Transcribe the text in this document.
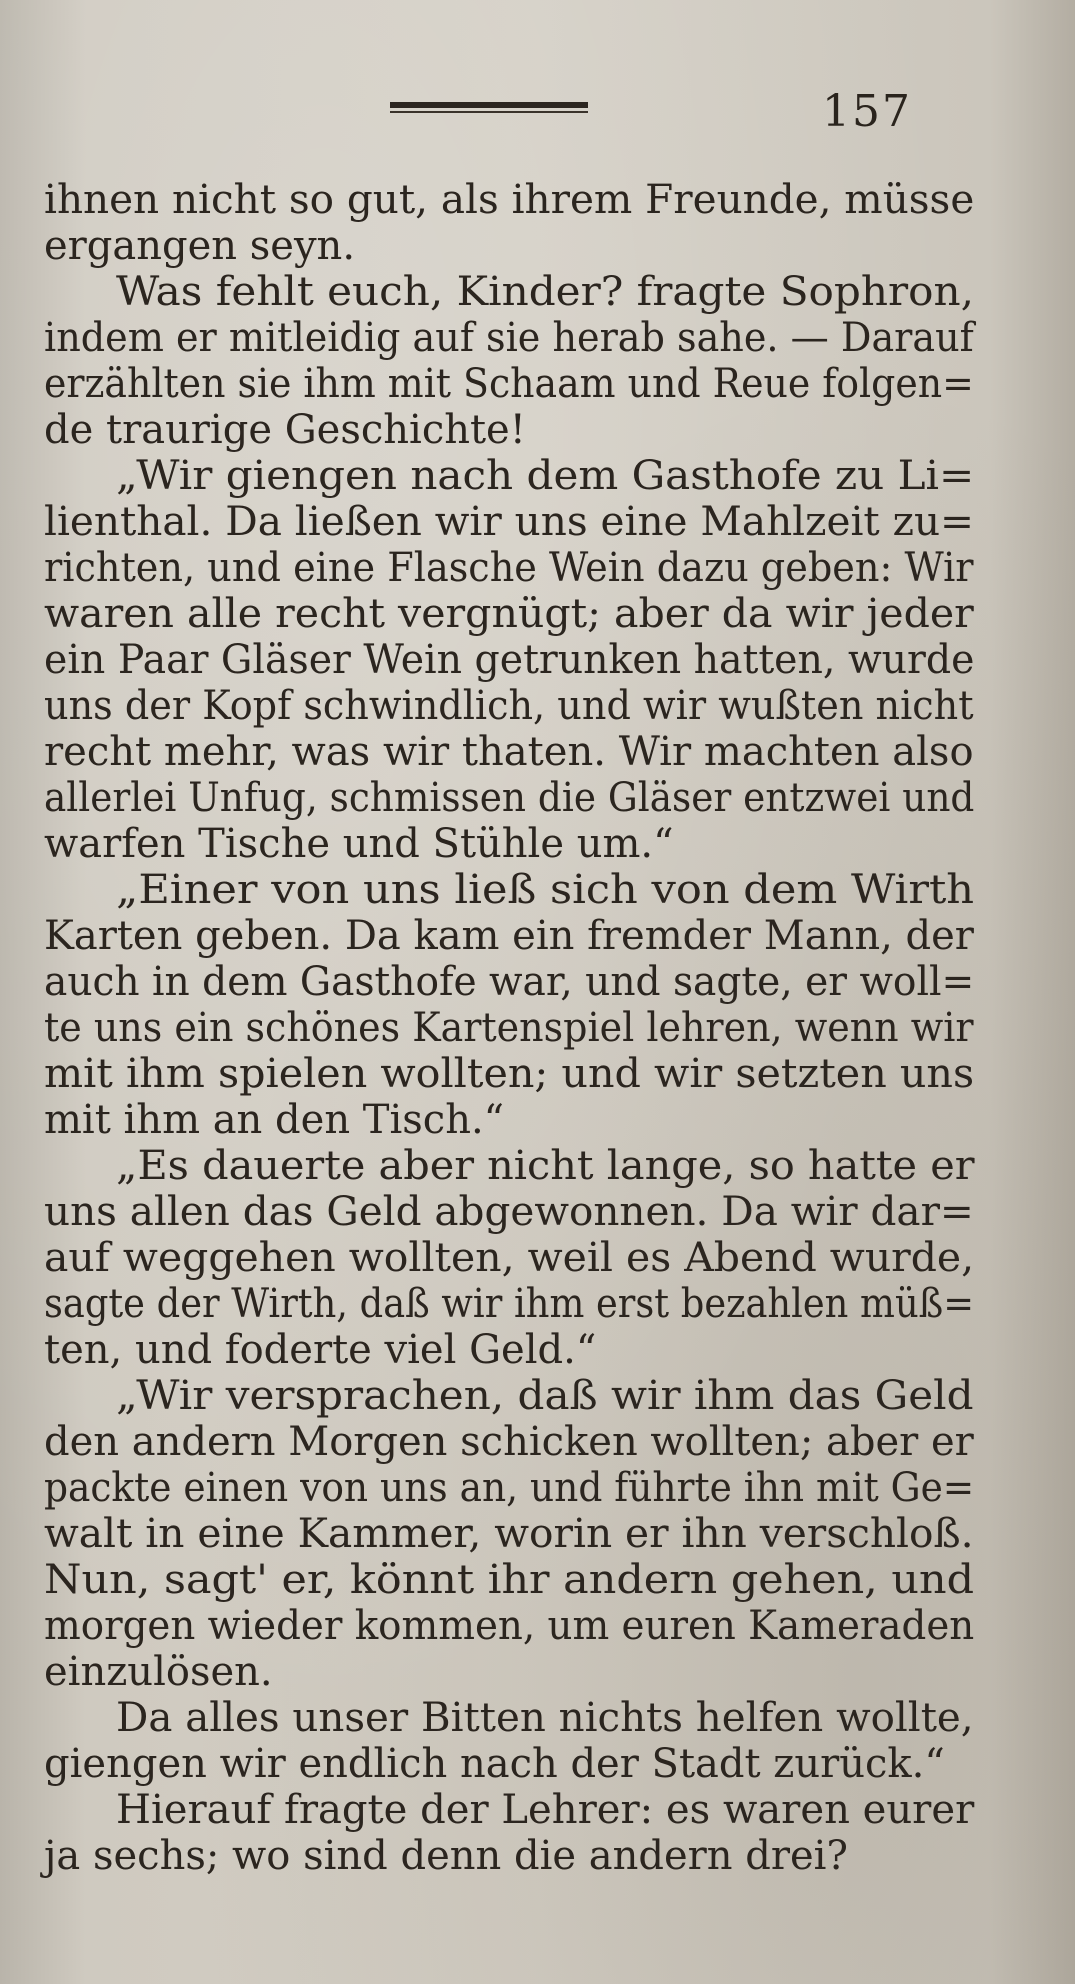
157
ihnen nicht so gut, als ihrem Freunde, müsse
ergangen seyn.
Was fehlt euch, Kinder? fragte Sophron,
indem er mitleidig auf sie herab sahe. — Darauf
erzählten sie ihm mit Schaam und Reue folgen=
de traurige Geschichte!
„Wir giengen nach dem Gasthofe zu Li=
lienthal. Da ließen wir uns eine Mahlzeit zu=
richten, und eine Flasche Wein dazu geben: Wir
waren alle recht vergnügt; aber da wir jeder
ein Paar Gläser Wein getrunken hatten, wurde
uns der Kopf schwindlich, und wir wußten nicht
recht mehr, was wir thaten. Wir machten also
allerlei Unfug, schmissen die Gläser entzwei und
warfen Tische und Stühle um.“
„Einer von uns ließ sich von dem Wirth
Karten geben. Da kam ein fremder Mann, der
auch in dem Gasthofe war, und sagte, er woll=
te uns ein schönes Kartenspiel lehren, wenn wir
mit ihm spielen wollten; und wir setzten uns
mit ihm an den Tisch.“
„Es dauerte aber nicht lange, so hatte er
uns allen das Geld abgewonnen. Da wir dar=
auf weggehen wollten, weil es Abend wurde,
sagte der Wirth, daß wir ihm erst bezahlen müß=
ten, und foderte viel Geld.“
„Wir versprachen, daß wir ihm das Geld
den andern Morgen schicken wollten; aber er
packte einen von uns an, und führte ihn mit Ge=
walt in eine Kammer, worin er ihn verschloß.
Nun, sagt' er, könnt ihr andern gehen, und
morgen wieder kommen, um euren Kameraden
einzulösen.
Da alles unser Bitten nichts helfen wollte,
giengen wir endlich nach der Stadt zurück.“
Hierauf fragte der Lehrer: es waren eurer
ja sechs; wo sind denn die andern drei?
